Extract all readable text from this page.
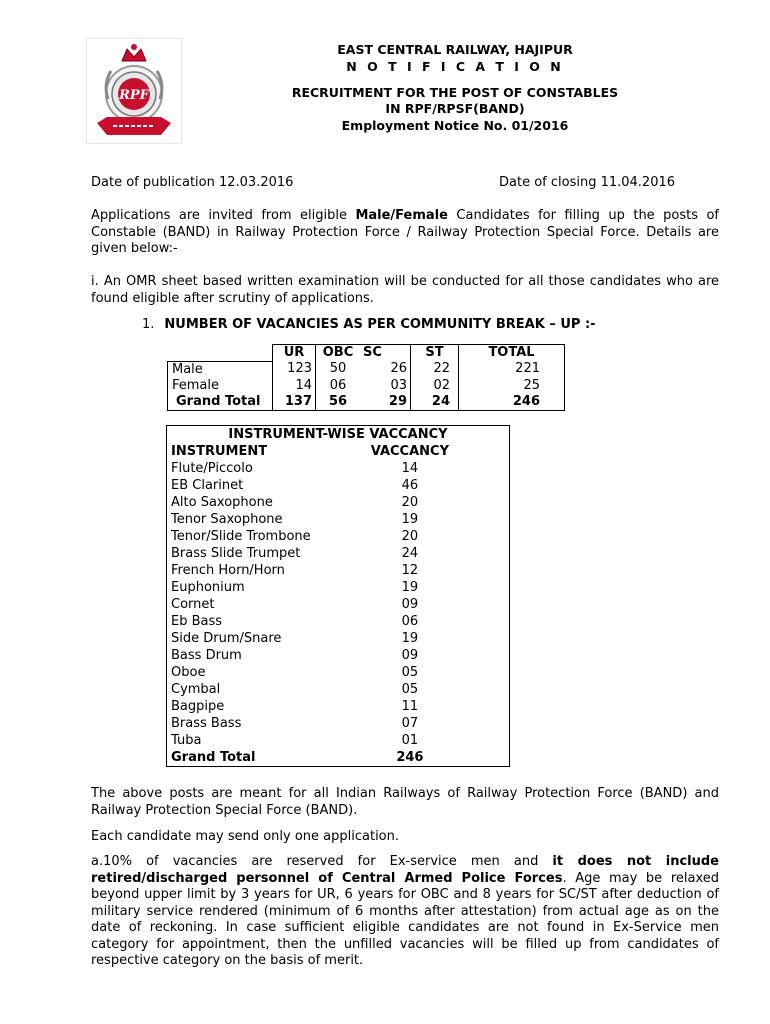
RPF
EAST CENTRAL RAILWAY, HAJIPUR
N O T I F I C A T I O N
RECRUITMENT FOR THE POST OF CONSTABLES
IN RPF/RPSF(BAND)
Employment Notice No. 01/2016
Date of publication 12.03.2016	Date of closing 11.04.2016
Applications are invited from eligible Male/Female Candidates for filling up the posts of Constable (BAND) in Railway Protection Force / Railway Protection Special Force. Details are given below:-
i. An OMR sheet based written examination will be conducted for all those candidates who are found eligible after scrutiny of applications.
1. NUMBER OF VACANCIES AS PER COMMUNITY BREAK – UP :-
	UR	OBC	SC	ST	TOTAL
Male	123	50	26	22	221
Female	14	06	03	02	25
Grand Total	137	56	29	24	246
INSTRUMENT-WISE VACCANCY	
INSTRUMENT	VACCANCY
Flute/Piccolo	14
EB Clarinet	46
Alto Saxophone	20
Tenor Saxophone	19
Tenor/Slide Trombone	20
Brass Slide Trumpet	24
French Horn/Horn	12
Euphonium	19
Cornet	09
Eb Bass	06
Side Drum/Snare	19
Bass Drum	09
Oboe	05
Cymbal	05
Bagpipe	11
Brass Bass	07
Tuba	01
Grand Total	246
The above posts are meant for all Indian Railways of Railway Protection Force (BAND) and Railway Protection Special Force (BAND).
Each candidate may send only one application.
a.10% of vacancies are reserved for Ex-service men and it does not include retired/discharged personnel of Central Armed Police Forces. Age may be relaxed beyond upper limit by 3 years for UR, 6 years for OBC and 8 years for SC/ST after deduction of military service rendered (minimum of 6 months after attestation) from actual age as on the date of reckoning. In case sufficient eligible candidates are not found in Ex-Service men category for appointment, then the unfilled vacancies will be filled up from candidates of respective category on the basis of merit.
